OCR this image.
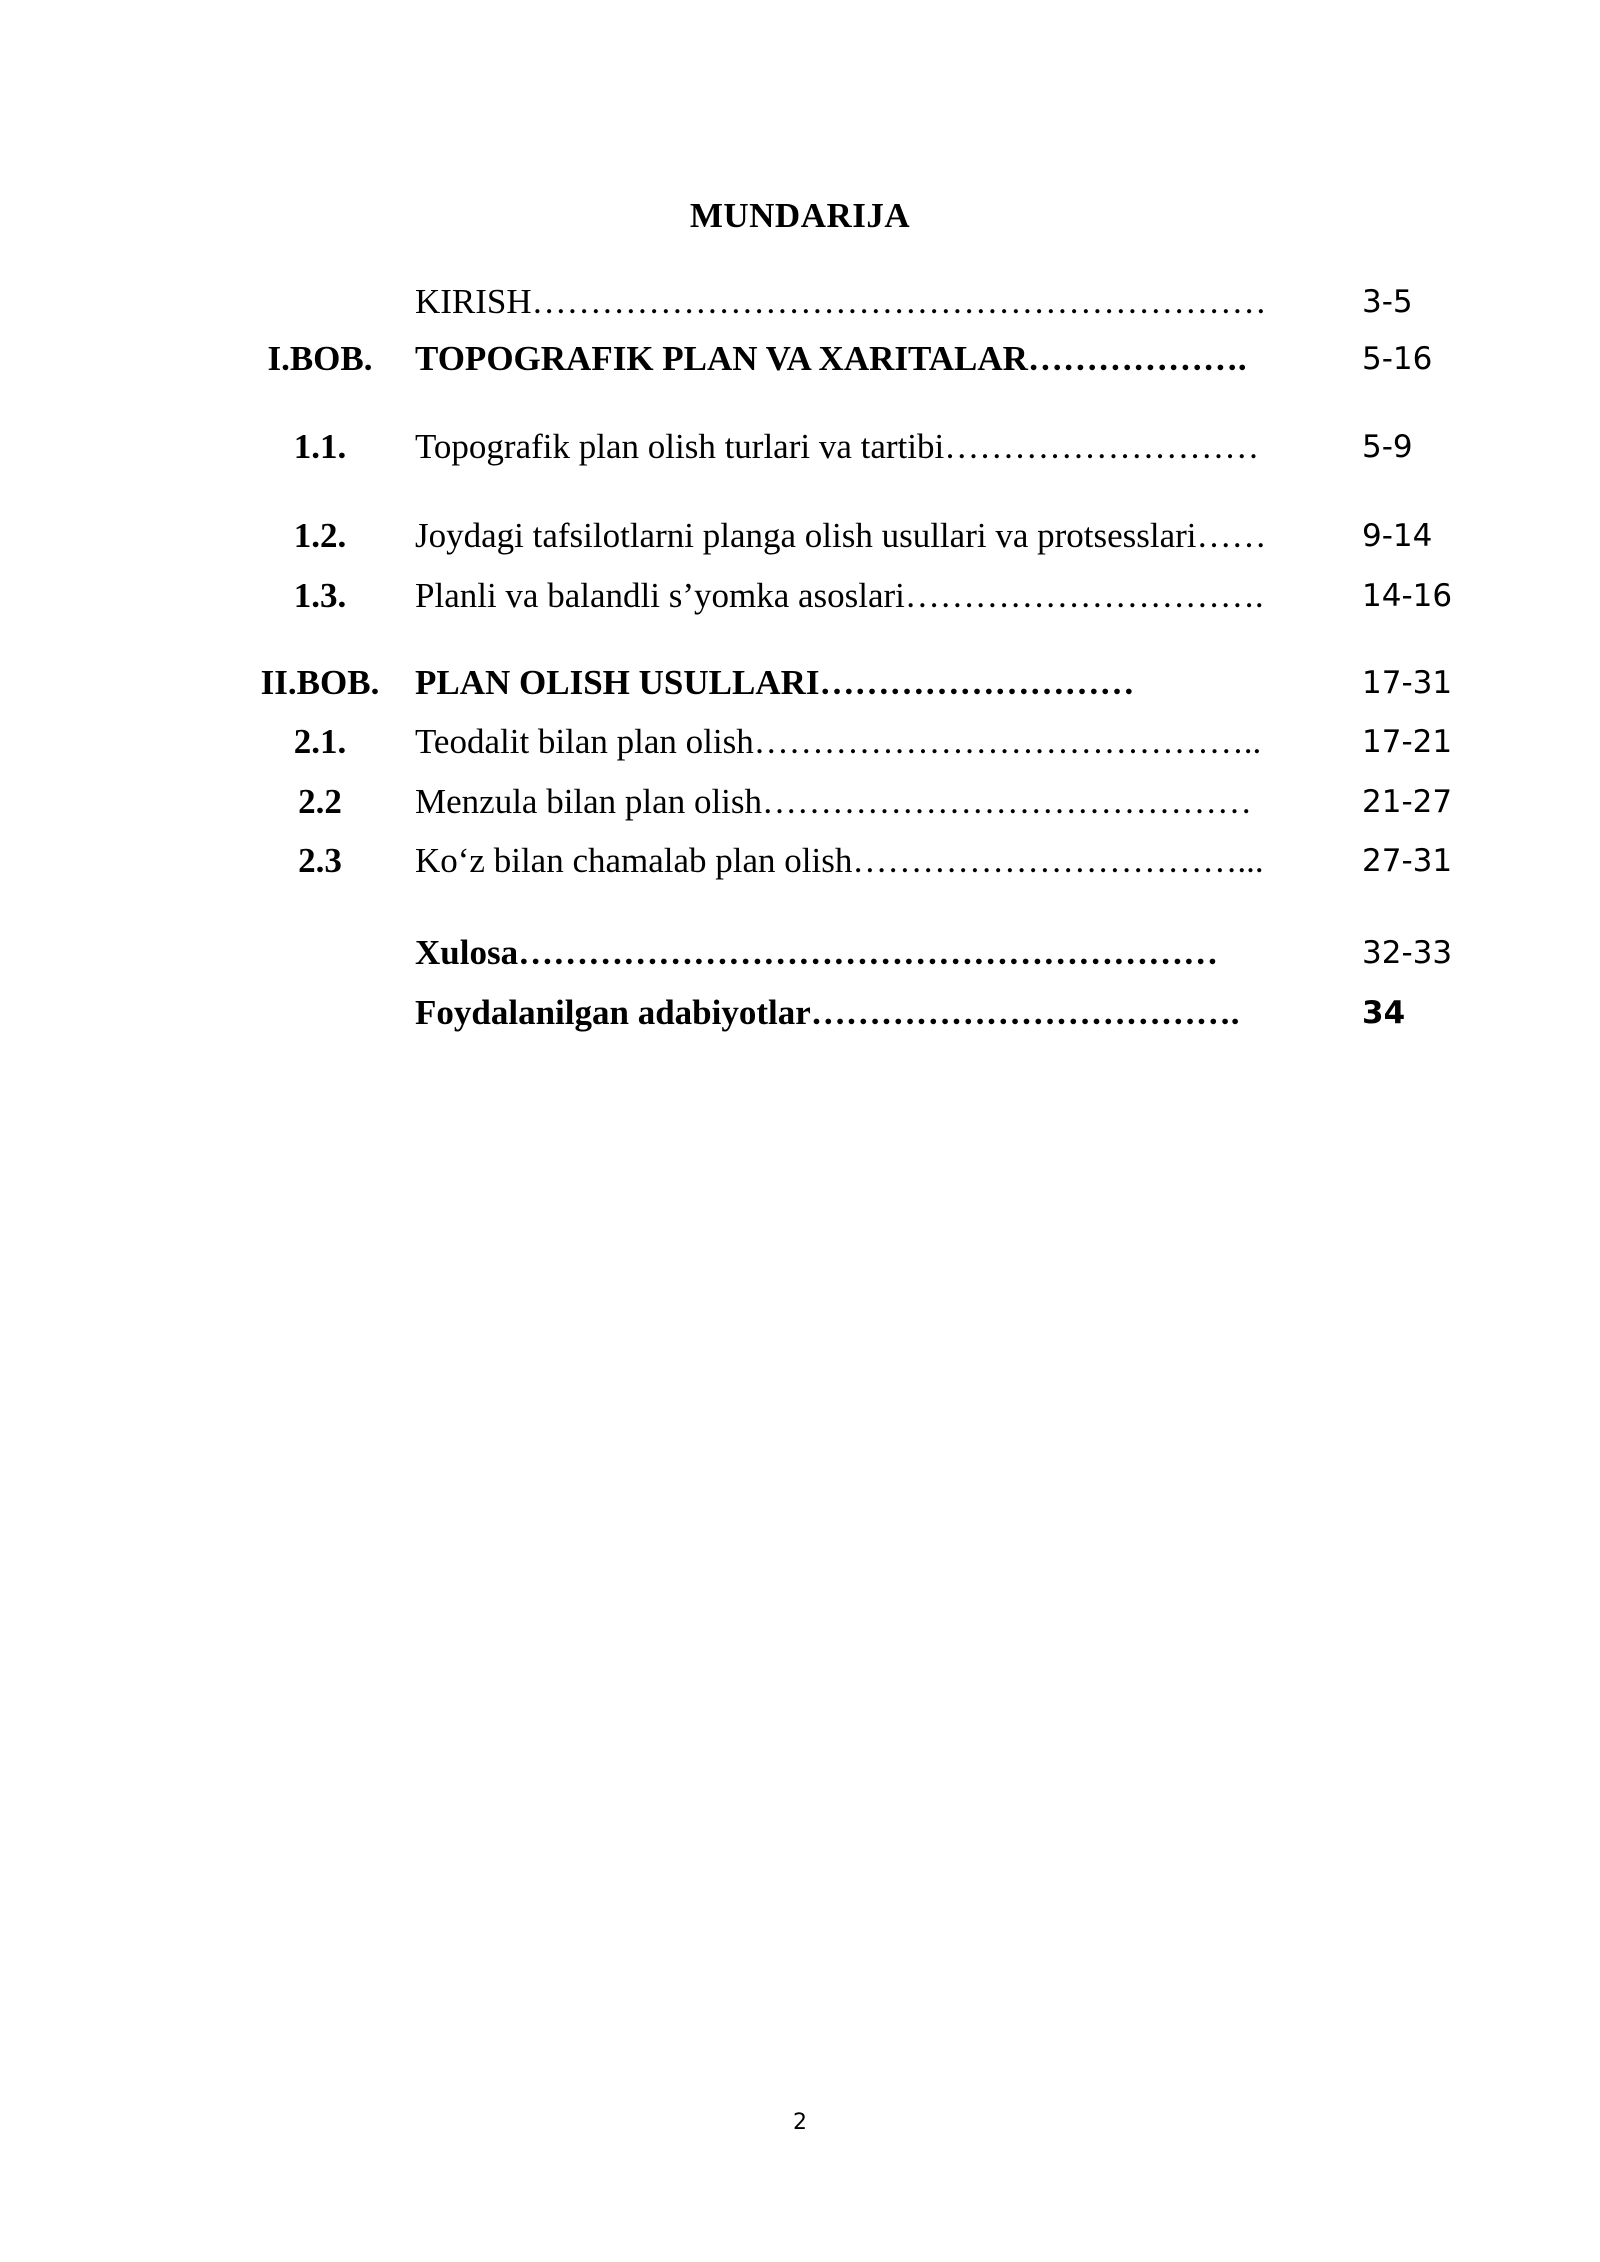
MUNDARIJA
KIRISH………………………………………………………	3-5
I.BOB.	TOPOGRAFIK PLAN VA XARITALAR……………….	5-16
1.1.	Topografik plan olish turlari va tartibi………………………	5-9
1.2.	Joydagi tafsilotlarni planga olish usullari va protsesslari……	9-14
1.3.	Planli va balandli s’yomka asoslari………………………….	14-16
II.BOB.	PLAN OLISH USULLARI………………………	17-31
2.1.	Teodalit bilan plan olish……………………………………..	17-21
2.2	Menzula bilan plan olish……………………………………	21-27
2.3	Ko‘z bilan chamalab plan olish……………………………...	27-31
Xulosa……………………………………………………	32-33
Foydalanilgan adabiyotlar……………………………….	34
2
